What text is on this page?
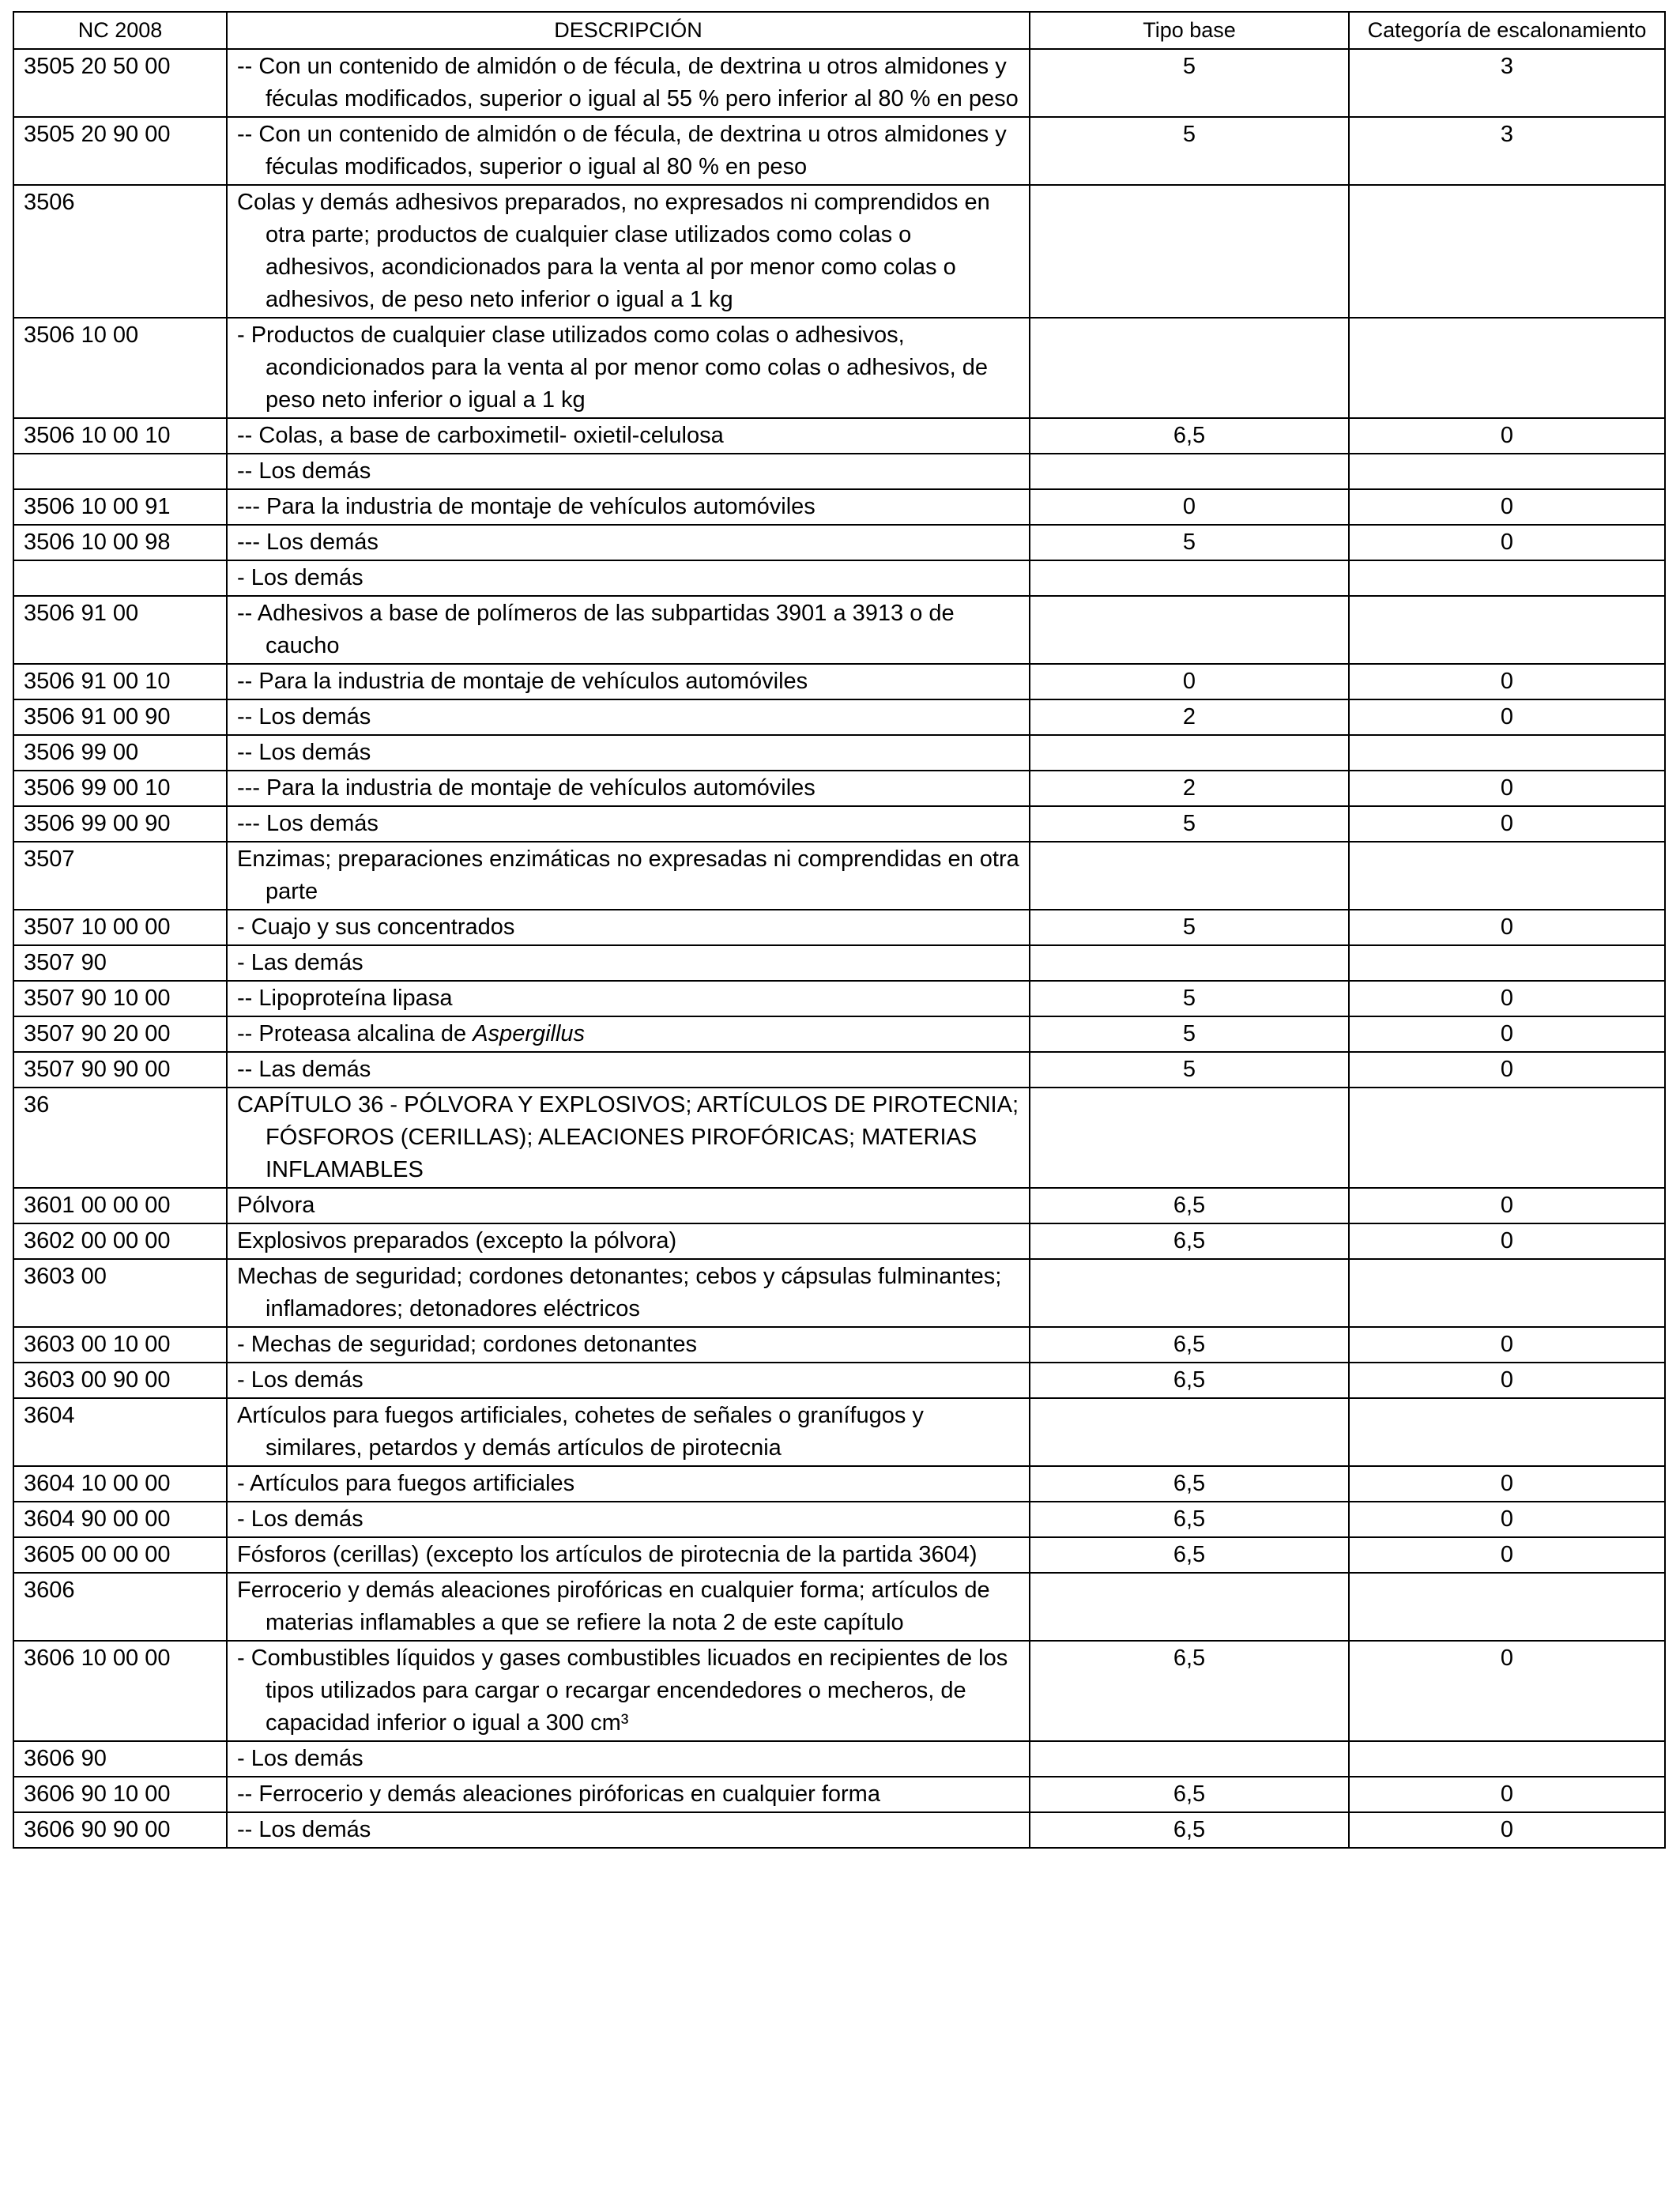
NC 2008	DESCRIPCIÓN	Tipo base	Categoría de escalonamiento
3505 20 50 00	-- Con un contenido de almidón o de fécula, de dextrina u otros almidones y féculas modificados, superior o igual al 55 % pero inferior al 80 % en peso	5	3
3505 20 90 00	-- Con un contenido de almidón o de fécula, de dextrina u otros almidones y féculas modificados, superior o igual al 80 % en peso	5	3
3506	Colas y demás adhesivos preparados, no expresados ni comprendidos en otra parte; productos de cualquier clase utilizados como colas o adhesivos, acondicionados para la venta al por menor como colas o adhesivos, de peso neto inferior o igual a 1 kg		

3506 10 00	- Productos de cualquier clase utilizados como colas o adhesivos, acondicionados para la venta al por menor como colas o adhesivos, de peso neto inferior o igual a 1 kg		

3506 10 00 10	-- Colas, a base de carboximetil- oxietil-celulosa	6,5	0

	-- Los demás		

3506 10 00 91	--- Para la industria de montaje de vehículos automóviles	0	0
3506 10 00 98	--- Los demás	5	0

	- Los demás		

3506 91 00	-- Adhesivos a base de polímeros de las subpartidas 3901 a 3913 o de caucho		

3506 91 00 10	-- Para la industria de montaje de vehículos automóviles	0	0
3506 91 00 90	-- Los demás	2	0
3506 99 00	-- Los demás		

3506 99 00 10	--- Para la industria de montaje de vehículos automóviles	2	0
3506 99 00 90	--- Los demás	5	0
3507	Enzimas; preparaciones enzimáticas no expresadas ni comprendidas en otra parte		

3507 10 00 00	- Cuajo y sus concentrados	5	0
3507 90	- Las demás		

3507 90 10 00	-- Lipoproteína lipasa	5	0
3507 90 20 00	-- Proteasa alcalina de Aspergillus	5	0
3507 90 90 00	-- Las demás	5	0
36	CAPÍTULO 36 - PÓLVORA Y EXPLOSIVOS; ARTÍCULOS DE PIROTECNIA; FÓSFOROS (CERILLAS); ALEACIONES PIROFÓRICAS; MATERIAS INFLAMABLES		

3601 00 00 00	Pólvora	6,5	0
3602 00 00 00	Explosivos preparados (excepto la pólvora)	6,5	0
3603 00	Mechas de seguridad; cordones detonantes; cebos y cápsulas fulminantes; inflamadores; detonadores eléctricos		

3603 00 10 00	- Mechas de seguridad; cordones detonantes	6,5	0
3603 00 90 00	- Los demás	6,5	0
3604	Artículos para fuegos artificiales, cohetes de señales o granífugos y similares, petardos y demás artículos de pirotecnia		

3604 10 00 00	- Artículos para fuegos artificiales	6,5	0
3604 90 00 00	- Los demás	6,5	0
3605 00 00 00	Fósforos (cerillas) (excepto los artículos de pirotecnia de la partida 3604)	6,5	0
3606	Ferrocerio y demás aleaciones pirofóricas en cualquier forma; artículos de materias inflamables a que se refiere la nota 2 de este capítulo		

3606 10 00 00	- Combustibles líquidos y gases combustibles licuados en recipientes de los tipos utilizados para cargar o recargar encendedores o mecheros, de capacidad inferior o igual a 300 cm³	6,5	0
3606 90	- Los demás		

3606 90 10 00	-- Ferrocerio y demás aleaciones piróforicas en cualquier forma	6,5	0
3606 90 90 00	-- Los demás	6,5	0
